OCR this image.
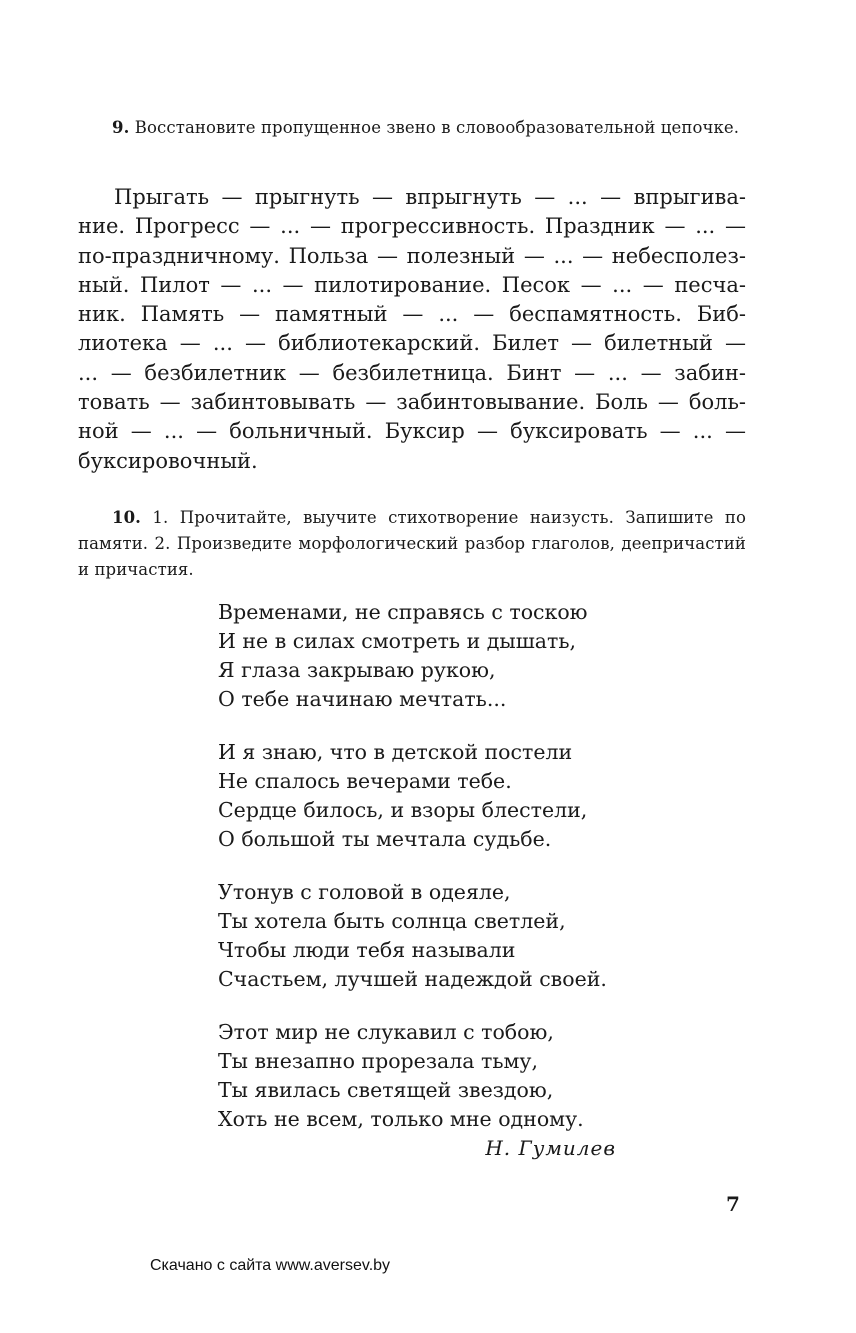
9. Восстановите пропущенное звено в словообразовательной цепочке.

Прыгать — прыгнуть — впрыгнуть — ... — впрыгива-
ние. Прогресс — ... — прогрессивность. Праздник — ... —
по-праздничному. Польза — полезный — ... — небесполез-
ный. Пилот — ... — пилотирование. Песок — ... — песча-
ник. Память — памятный — ... — беспамятность. Биб-
лиотека — ... — библиотекарский. Билет — билетный —
... — безбилетник — безбилетница. Бинт — ... — забин-
товать — забинтовывать — забинтовывание. Боль — боль-
ной — ... — больничный. Буксир — буксировать — ... —
буксировочный.

10. 1. Прочитайте, выучите стихотворение наизусть. Запишите по памяти. 2. Произведите морфологический разбор глаголов, деепричастий и причастия.

Временами, не справясь с тоскою
И не в силах смотреть и дышать,
Я глаза закрываю рукою,
О тебе начинаю мечтать...
И я знаю, что в детской постели
Не спалось вечерами тебе.
Сердце билось, и взоры блестели,
О большой ты мечтала судьбе.
Утонув с головой в одеяле,
Ты хотела быть солнца светлей,
Чтобы люди тебя называли
Счастьем, лучшей надеждой своей.
Этот мир не слукавил с тобою,
Ты внезапно прорезала тьму,
Ты явилась светящей звездою,
Хоть не всем, только мне одному.
Н. Гумилев
7
Скачано с сайта www.aversev.by
